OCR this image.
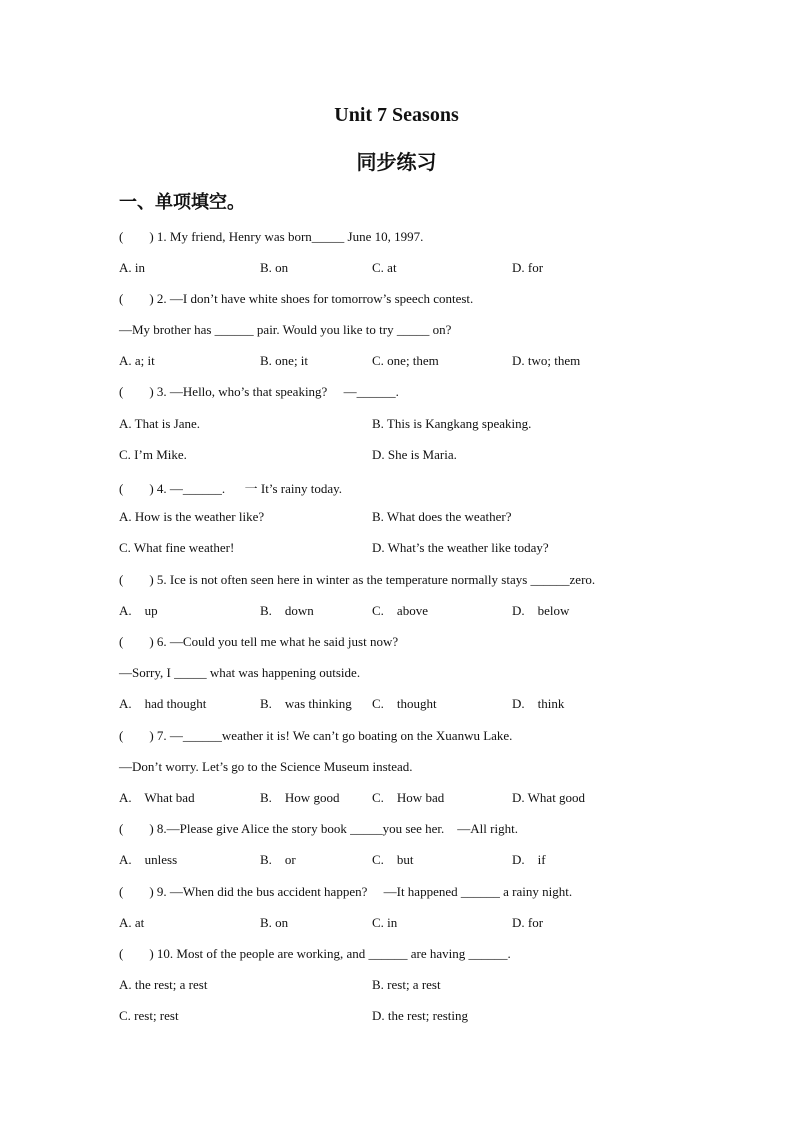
Unit 7 Seasons
同步练习
一、单项填空。
(        ) 1. My friend, Henry was born_____ June 10, 1997.
A. in	B. on	C. at	D. for
(        ) 2. —I don’t have white shoes for tomorrow’s speech contest.
—My brother has ______ pair. Would you like to try _____ on?
A. a; it	B. one; it	C. one; them	D. two; them
(        ) 3. —Hello, who’s that speaking?     —______.
A. That is Jane.	B. This is Kangkang speaking.
C. I’m Mike.	D. She is Maria.
(        ) 4. —______.      一 It’s rainy today.
A. How is the weather like?	B. What does the weather?
C. What fine weather!	D. What’s the weather like today?
(        ) 5. Ice is not often seen here in winter as the temperature normally stays ______zero.
A.    up	B.    down	C.    above	D.    below
(        ) 6. —Could you tell me what he said just now?
—Sorry, I _____ what was happening outside.
A.    had thought	B.    was thinking C.    thought	D.    think
(        ) 7. —______weather it is! We can’t go boating on the Xuanwu Lake.
—Don’t worry. Let’s go to the Science Museum instead.
A.    What bad	B.    How good	C.    How bad	D. What good
(        ) 8.—Please give Alice the story book _____you see her.    —All right.
A.    unless	B.    or	C.    but	D.    if
(        ) 9. —When did the bus accident happen?     —It happened ______ a rainy night.
A. at	B. on	C. in	D. for
(        ) 10. Most of the people are working, and ______ are having ______.
A. the rest; a rest	B. rest; a rest
C. rest; rest	D. the rest; resting
